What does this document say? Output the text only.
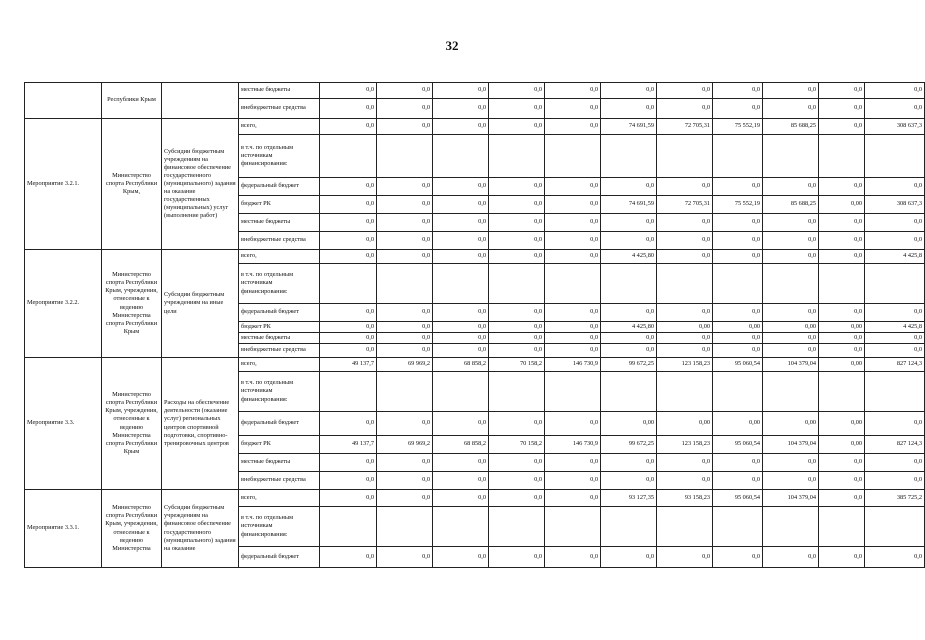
32
	Республики Крым		местные бюджеты	0,0	0,0	0,0	0,0	0,0	0,0	0,0	0,0	0,0	0,0	0,0
			внебюджетные средства	0,0	0,0	0,0	0,0	0,0	0,0	0,0	0,0	0,0	0,0	0,0
Мероприятие 3.2.1.	Министерство спорта Республики Крым,	Субсидии бюджетным учреждениям на финансовое обеспечение государственного (муниципального) задания на оказание государственных (муниципальных) услуг (выполнение работ)	всего,	0,0	0,0	0,0	0,0	0,0	74 691,59	72 705,31	75 552,19	85 688,25	0,0	308 637,3
			в т.ч. по отдельным источникам финансирования:											
			федеральный бюджет	0,0	0,0	0,0	0,0	0,0	0,0	0,0	0,0	0,0	0,0	0,0
			бюджет РК	0,0	0,0	0,0	0,0	0,0	74 691,59	72 705,31	75 552,19	85 688,25	0,00	308 637,3
			местные бюджеты	0,0	0,0	0,0	0,0	0,0	0,0	0,0	0,0	0,0	0,0	0,0
			внебюджетные средства	0,0	0,0	0,0	0,0	0,0	0,0	0,0	0,0	0,0	0,0	0,0
Мероприятие 3.2.2.	Министерство спорта Республики Крым, учреждения, отнесенные к ведению Министерства спорта Республики Крым	Субсидии бюджетным учреждениям на иные цели	всего,	0,0	0,0	0,0	0,0	0,0	4 425,80	0,0	0,0	0,0	0,0	4 425,8
			в т.ч. по отдельным источникам финансирования:											
			федеральный бюджет	0,0	0,0	0,0	0,0	0,0	0,0	0,0	0,0	0,0	0,0	0,0
			бюджет РК	0,0	0,0	0,0	0,0	0,0	4 425,80	0,00	0,00	0,00	0,00	4 425,8
			местные бюджеты	0,0	0,0	0,0	0,0	0,0	0,0	0,0	0,0	0,0	0,0	0,0
			внебюджетные средства	0,0	0,0	0,0	0,0	0,0	0,0	0,0	0,0	0,0	0,0	0,0
Мероприятие 3.3.	Министерство спорта Республики Крым, учреждения, отнесенные к ведению Министерства спорта Республики Крым	Расходы на обеспечение деятельности (оказание услуг) региональных центров спортивной подготовки, спортивно-тренировочных центров	всего,	49 137,7	69 969,2	68 858,2	70 158,2	146 730,9	99 672,25	123 158,23	95 060,54	104 379,04	0,00	827 124,3
			в т.ч. по отдельным источникам финансирования:											
			федеральный бюджет	0,0	0,0	0,0	0,0	0,0	0,00	0,00	0,00	0,00	0,00	0,0
			бюджет РК	49 137,7	69 969,2	68 858,2	70 158,2	146 730,9	99 672,25	123 158,23	95 060,54	104 379,04	0,00	827 124,3
			местные бюджеты	0,0	0,0	0,0	0,0	0,0	0,0	0,0	0,0	0,0	0,0	0,0
			внебюджетные средства	0,0	0,0	0,0	0,0	0,0	0,0	0,0	0,0	0,0	0,0	0,0
Мероприятие 3.3.1.	Министерство спорта Республики Крым, учреждения, отнесенные к ведению Министерства	Субсидии бюджетным учреждениям на финансовое обеспечение государственного (муниципального) задания на оказание	всего,	0,0	0,0	0,0	0,0	0,0	93 127,35	93 158,23	95 060,54	104 379,04	0,0	385 725,2
			в т.ч. по отдельным источникам финансирования:											
			федеральный бюджет	0,0	0,0	0,0	0,0	0,0	0,0	0,0	0,0	0,0	0,0	0,0
